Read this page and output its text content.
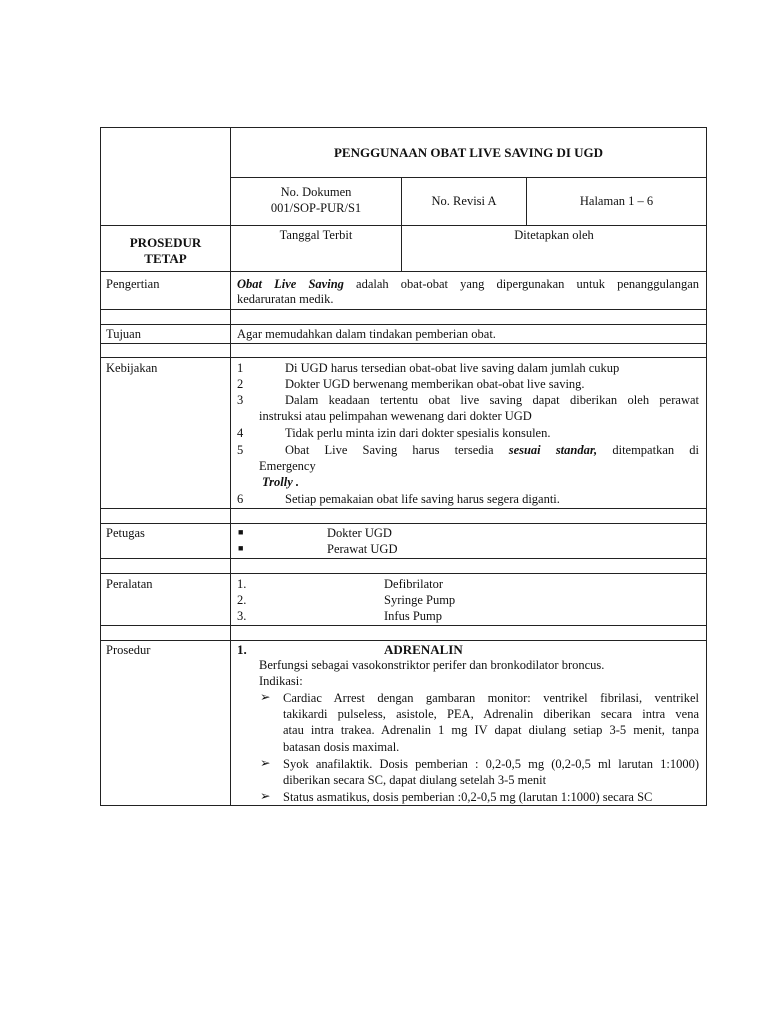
PENGGUNAAN OBAT LIVE SAVING DI UGD
No. Dokumen
001/SOP-PUR/S1	No. Revisi A	Halaman 1 – 6
PROSEDUR
TETAP
Tanggal Terbit	Ditetapkan oleh
Pengertian	Obat Live Saving adalah obat-obat yang dipergunakan untuk penanggulangan
kedaruratan medik.
Tujuan	Agar memudahkan dalam tindakan pemberian obat.
Kebijakan	1	Di UGD harus tersedian obat-obat live saving dalam jumlah cukup
2	Dokter UGD berwenang memberikan obat-obat live saving.
3	Dalam keadaan tertentu obat live saving dapat diberikan oleh perawat
instruksi atau pelimpahan wewenang dari dokter UGD
4	Tidak perlu minta izin dari dokter spesialis konsulen.
5	Obat Live Saving harus tersedia sesuai standar, ditempatkan di
Emergency
Trolly .
6	Setiap pemakaian obat life saving harus segera diganti.
Petugas	■	Dokter UGD
■	Perawat UGD
Peralatan	1.	Defibrilator
2.	Syringe Pump
3.	Infus Pump
Prosedur	1.	ADRENALIN
Berfungsi sebagai vasokonstriktor perifer dan bronkodilator broncus.
Indikasi:
➢ Cardiac Arrest dengan gambaran monitor: ventrikel fibrilasi, ventrikel
takikardi pulseless, asistole, PEA, Adrenalin diberikan secara intra vena
atau intra trakea. Adrenalin 1 mg IV dapat diulang setiap 3-5 menit, tanpa
batasan dosis maximal.
➢ Syok anafilaktik. Dosis pemberian : 0,2-0,5 mg (0,2-0,5 ml larutan 1:1000)
diberikan secara SC, dapat diulang setelah 3-5 menit
➢ Status asmatikus, dosis pemberian :0,2-0,5 mg (larutan 1:1000) secara SC
